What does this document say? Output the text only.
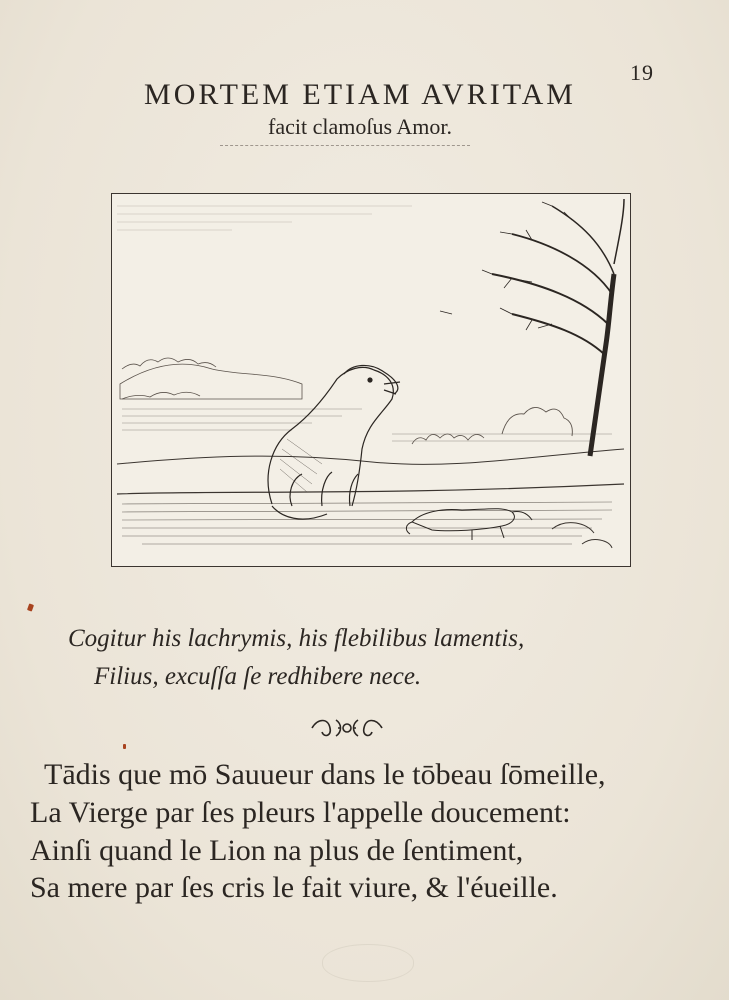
19
MORTEM ETIAM AVRITAM
facit clamoſus Amor.
Cogitur his lachrymis, his flebilibus lamentis,
Filius, excuſſa ſe redhibere nece.
Tādis que mō Sauueur dans le tōbeau ſōmeille,
La Vierge par ſes pleurs l'appelle doucement:
Ainſi quand le Lion na plus de ſentiment,
Sa mere par ſes cris le fait viure, & l'éueille.
